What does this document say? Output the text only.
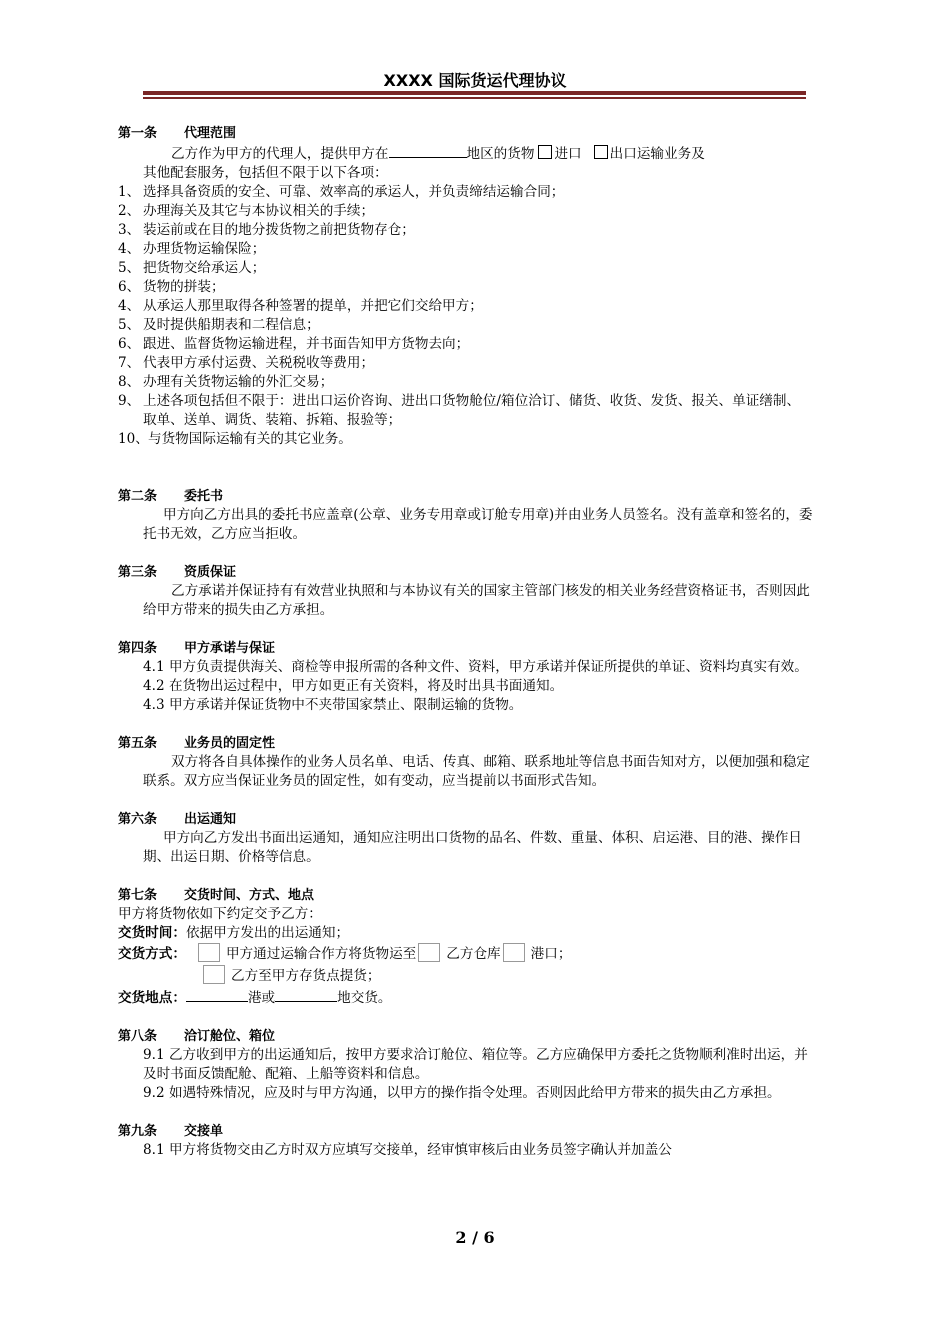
XXXX 国际货运代理协议
第一条 代理范围
乙方作为甲方的代理人，提供甲方在	地区的货物 进口 出口运输业务及
其他配套服务，包括但不限于以下各项：
1、 选择具备资质的安全、可靠、效率高的承运人，并负责缔结运输合同；
2、 办理海关及其它与本协议相关的手续；
3、 装运前或在目的地分拨货物之前把货物存仓；
4、 办理货物运输保险；
5、 把货物交给承运人；
6、 货物的拼装；
4、 从承运人那里取得各种签署的提单，并把它们交给甲方；
5、 及时提供船期表和二程信息；
6、 跟进、监督货物运输进程，并书面告知甲方货物去向；
7、 代表甲方承付运费、关税税收等费用；
8、 办理有关货物运输的外汇交易；
9、 上述各项包括但不限于：进出口运价咨询、进出口货物舱位/箱位洽订、储货、收货、发货、报关、单证缮制、取单、送单、调货、装箱、拆箱、报验等；
10、与货物国际运输有关的其它业务。
第二条 委托书
甲方向乙方出具的委托书应盖章(公章、业务专用章或订舱专用章)并由业务人员签名。没有盖章和签名的，委托书无效，乙方应当拒收。
第三条 资质保证
乙方承诺并保证持有有效营业执照和与本协议有关的国家主管部门核发的相关业务经营资格证书，否则因此给甲方带来的损失由乙方承担。
第四条 甲方承诺与保证
4.1 甲方负责提供海关、商检等申报所需的各种文件、资料，甲方承诺并保证所提供的单证、资料均真实有效。
4.2 在货物出运过程中，甲方如更正有关资料，将及时出具书面通知。
4.3 甲方承诺并保证货物中不夹带国家禁止、限制运输的货物。
第五条 业务员的固定性
双方将各自具体操作的业务人员名单、电话、传真、邮箱、联系地址等信息书面告知对方，以便加强和稳定联系。双方应当保证业务员的固定性，如有变动，应当提前以书面形式告知。
第六条 出运通知
甲方向乙方发出书面出运通知，通知应注明出口货物的品名、件数、重量、体积、启运港、目的港、操作日期、出运日期、价格等信息。
第七条 交货时间、方式、地点
甲方将货物依如下约定交予乙方：
交货时间：依据甲方发出的出运通知；
交货方式：	甲方通过运输合作方将货物运至 乙方仓库 港口；
乙方至甲方存货点提货；
交货地点：	港或	地交货。
第八条 洽订舱位、箱位
9.1 乙方收到甲方的出运通知后，按甲方要求洽订舱位、箱位等。乙方应确保甲方委托之货物顺利准时出运，并及时书面反馈配舱、配箱、上船等资料和信息。
9.2 如遇特殊情况，应及时与甲方沟通，以甲方的操作指令处理。否则因此给甲方带来的损失由乙方承担。
第九条 交接单
8.1 甲方将货物交由乙方时双方应填写交接单，经审慎审核后由业务员签字确认并加盖公
2 / 6
